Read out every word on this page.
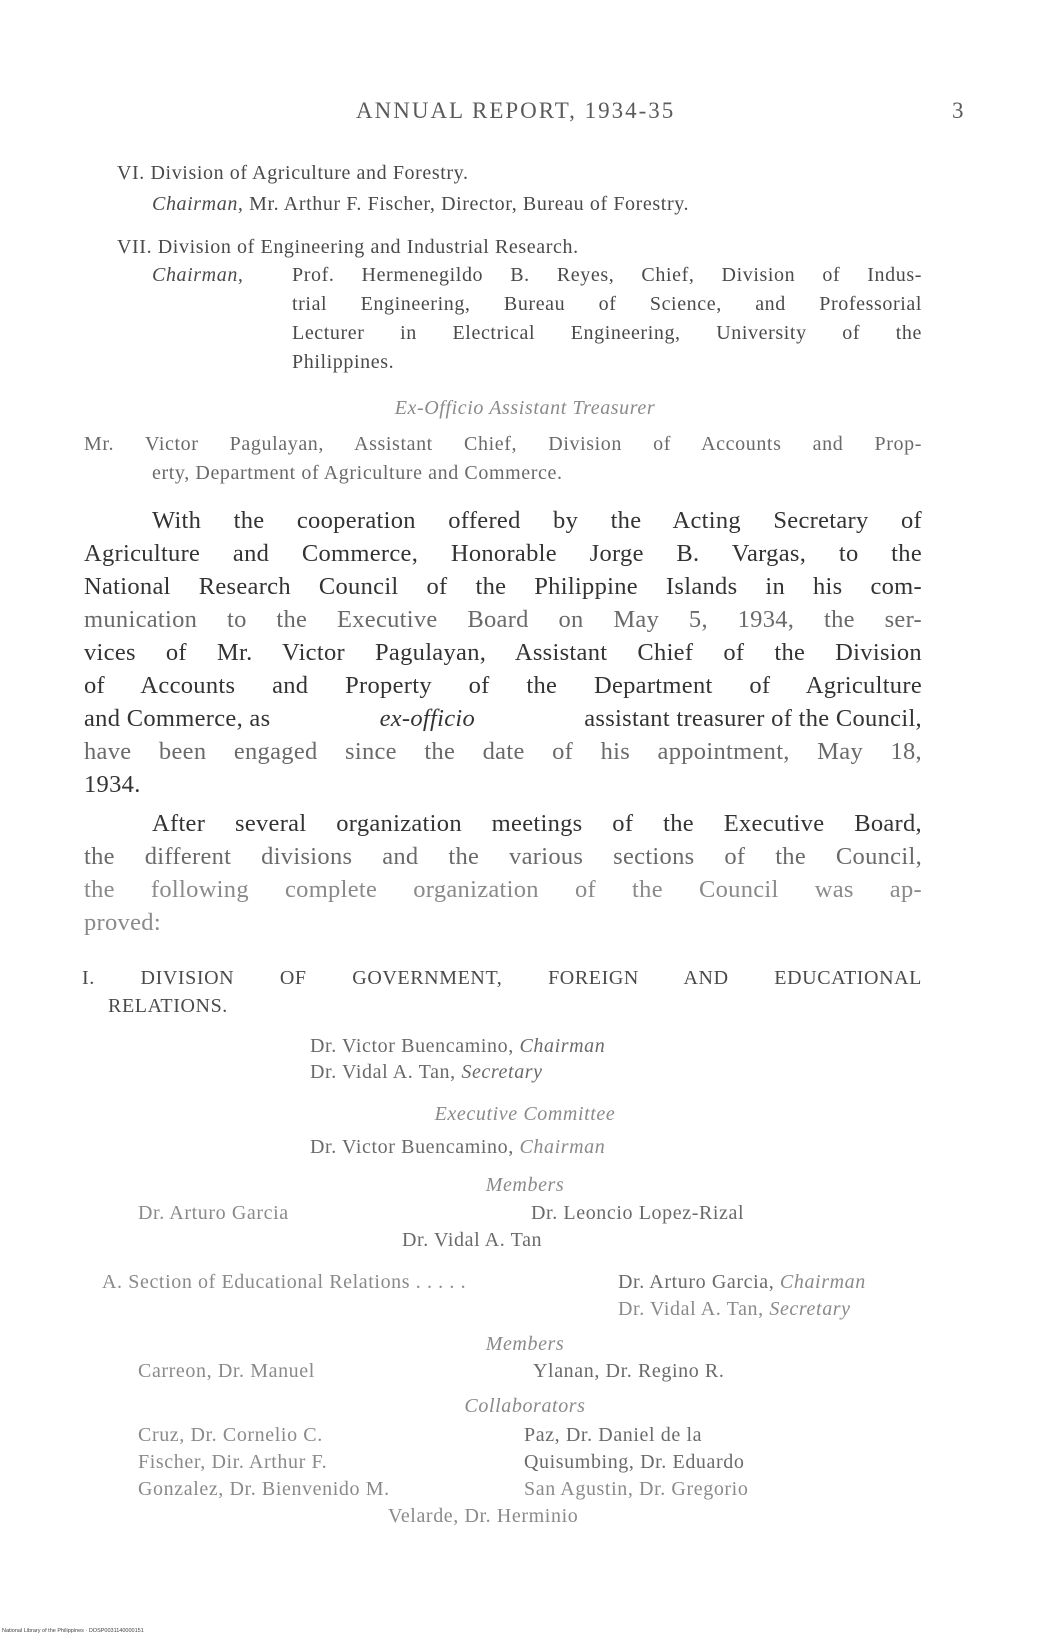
ANNUAL REPORT, 1934-35	3
VI. Division of Agriculture and Forestry.
Chairman, Mr. Arthur F. Fischer, Director, Bureau of Forestry.
VII. Division of Engineering and Industrial Research.
Chairman, Prof. Hermenegildo B. Reyes, Chief, Division of Indus-
trial Engineering, Bureau of Science, and Professorial
Lecturer in Electrical Engineering, University of the
Philippines.
Ex-Officio Assistant Treasurer
Mr. Victor Pagulayan, Assistant Chief, Division of Accounts and Prop-
erty, Department of Agriculture and Commerce.
With the cooperation offered by the Acting Secretary of
Agriculture and Commerce, Honorable Jorge B. Vargas, to the
National Research Council of the Philippine Islands in his com-
munication to the Executive Board on May 5, 1934, the ser-
vices of Mr. Victor Pagulayan, Assistant Chief of the Division
of Accounts and Property of the Department of Agriculture
and Commerce, as	ex-officio	assistant treasurer of the Council,
have been engaged since the date of his appointment, May 18,
1934.
After several organization meetings of the Executive Board,
the different divisions and the various sections of the Council,
the following complete organization of the Council was ap-
proved:
I. DIVISION OF GOVERNMENT, FOREIGN AND EDUCATIONAL
RELATIONS.
Dr. Victor Buencamino, Chairman
Dr. Vidal A. Tan, Secretary
Executive Committee
Dr. Victor Buencamino, Chairman
Members
Dr. Arturo Garcia	Dr. Leoncio Lopez-Rizal
Dr. Vidal A. Tan
A. Section of Educational Relations . . . . .	Dr. Arturo Garcia, Chairman
Dr. Vidal A. Tan, Secretary
Members
Carreon, Dr. Manuel	Ylanan, Dr. Regino R.
Collaborators
Cruz, Dr. Cornelio C.	Paz, Dr. Daniel de la
Fischer, Dir. Arthur F.	Quisumbing, Dr. Eduardo
Gonzalez, Dr. Bienvenido M.	San Agustin, Dr. Gregorio
Velarde, Dr. Herminio
National Library of the Philippines · DOSP0031140000151
